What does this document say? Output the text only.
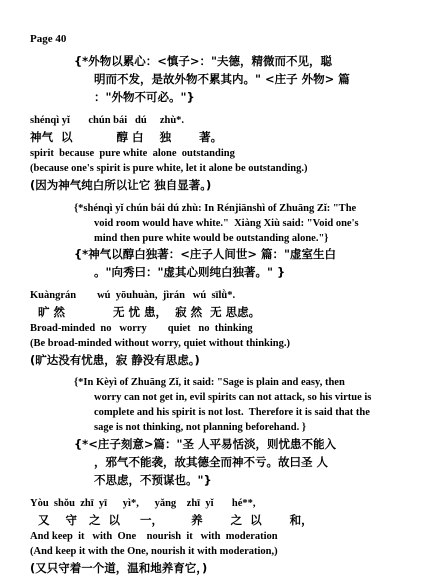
Page 40
{*外物以累心：<慎子>："夫德，精微而不见，聪
明而不发，是故外物不累其内。" <庄子 外物> 篇
："外物不可必。"}
shénqì yǐ       chún bái   dú     zhù*.
神气  以           醇 白    独       著。
spirit  because  pure white  alone  outstanding
(because one's spirit is pure white, let it alone be outstanding.)
(因为神气纯白所以让它 独自显著。)
{*shénqì yǐ chún bái dú zhù: In Rénjiānshì of Zhuāng Zǐ: "The
void room would have white."  Xiàng Xiù said: "Void one's
mind then pure white would be outstanding alone."}
{*神气以醇白独著：<庄子人间世> 篇："虚室生白
。"向秀曰："虚其心则纯白独著。" }
Kuàngrán        wú  yōuhuàn,  jìrán   wú  sīlǜ*.
旷 然            无 忧 患，  寂 然  无 思虑。
Broad-minded  no   worry        quiet   no  thinking
(Be broad-minded without worry, quiet without thinking.)
(旷达没有忧患，寂 静没有思虑。)
{*In Kèyì of Zhuāng Zǐ, it said: "Sage is plain and easy, then
worry can not get in, evil spirits can not attack, so his virtue is
complete and his spirit is not lost.  Therefore it is said that the
sage is not thinking, not planning beforehand. }
{*<庄子刻意>篇："圣 人平易恬淡，则忧患不能入
，邪气不能袭，故其德全而神不亏。故曰圣 人
不思虑，不预谋也。"}
Yòu  shǒu  zhī  yī      yì*,      yǎng    zhī  yǐ       hé**,
又    守   之  以     一，       养       之  以       和，
And keep  it   with  One    nourish  it   with  moderation
(And keep it with the One, nourish it with moderation,)
(又只守着一个道，温和地养育它，)
